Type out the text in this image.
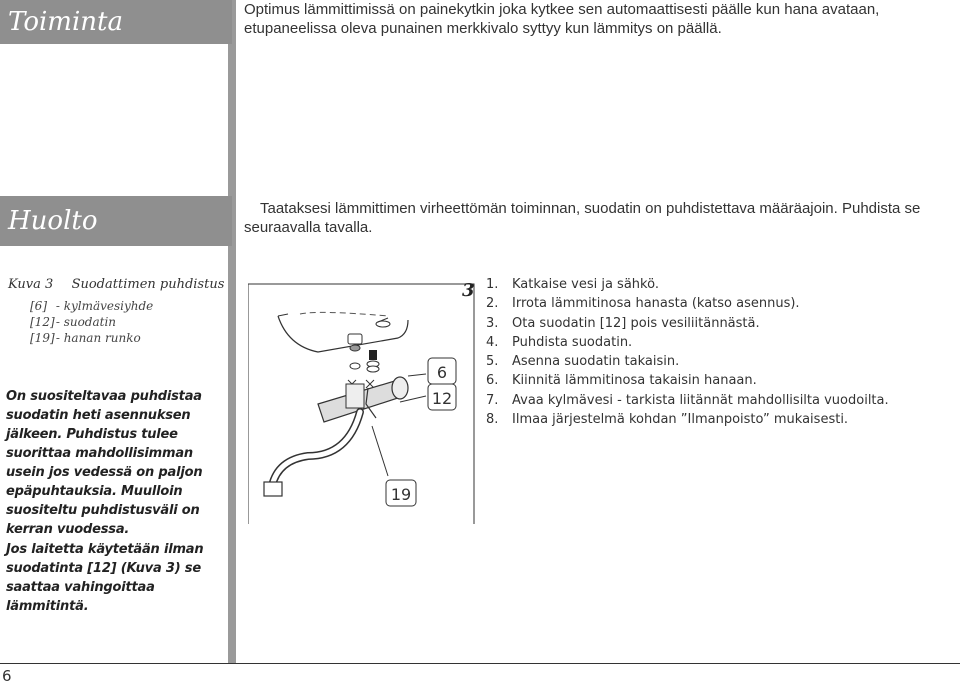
Toiminta	Optimus lämmittimissä on painekytkin joka kytkee sen automaattisesti päälle kun hana avataan, etupaneelissa oleva punainen merkkivalo syttyy kun lämmitys on päällä.
Huolto	Taataksesi lämmittimen virheettömän toiminnan, suodatin on puhdistettava määräajoin. Puhdista se seuraavalla tavalla.
Kuva 3 Suodattimen puhdistus
[6] - kylmävesiyhde
[12] - suodatin
[19] - hanan runko
On suositeltavaa puhdistaa suodatin heti asennuksen jälkeen. Puhdistus tulee suorittaa mahdollisimman usein jos vedessä on paljon epäpuhtauksia. Muulloin suositeltu puhdistusväli on kerran vuodessa.
Jos laitetta käytetään ilman suodatinta [12] (Kuva 3) se saattaa vahingoittaa lämmitintä.
3
6
12
19
1. Katkaise vesi ja sähkö.
2. Irrota lämmitinosa hanasta (katso asennus).
3. Ota suodatin [12] pois vesiliitännästä.
4. Puhdista suodatin.
5. Asenna suodatin takaisin.
6. Kiinnitä lämmitinosa takaisin hanaan.
7. Avaa kylmävesi - tarkista liitännät mahdollisilta vuodoilta.
8. Ilmaa järjestelmä kohdan ”Ilmanpoisto” mukaisesti.
6
